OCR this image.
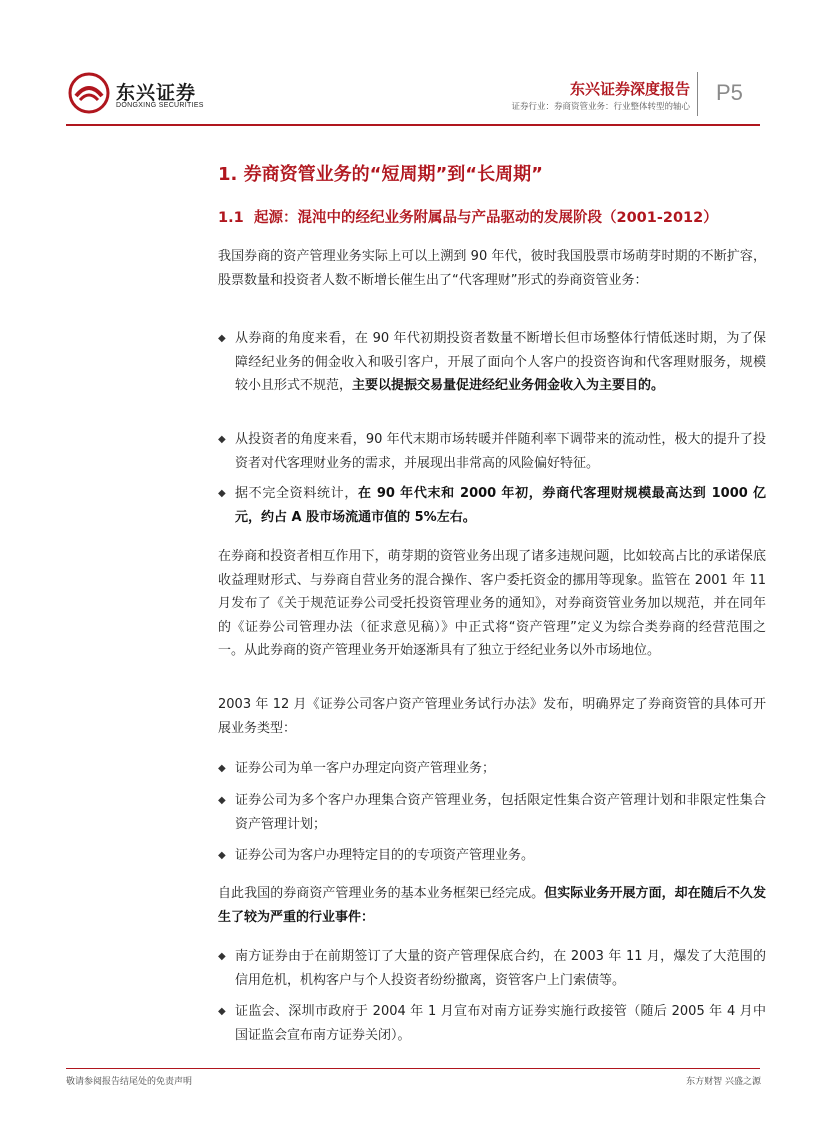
东兴证券
DONGXING SECURITIES
东兴证券深度报告
证券行业：券商资管业务：行业整体转型的轴心
P5
1. 券商资管业务的“短周期”到“长周期”
1.1 起源：混沌中的经纪业务附属品与产品驱动的发展阶段（2001-2012）
我国券商的资产管理业务实际上可以上溯到 90 年代，彼时我国股票市场萌芽时期的不断扩容，股票数量和投资者人数不断增长催生出了“代客理财”形式的券商资管业务：
◆ 从券商的角度来看，在 90 年代初期投资者数量不断增长但市场整体行情低迷时期，为了保障经纪业务的佣金收入和吸引客户，开展了面向个人客户的投资咨询和代客理财服务，规模较小且形式不规范，主要以提振交易量促进经纪业务佣金收入为主要目的。
◆ 从投资者的角度来看，90 年代末期市场转暖并伴随利率下调带来的流动性，极大的提升了投资者对代客理财业务的需求，并展现出非常高的风险偏好特征。
◆ 据不完全资料统计，在 90 年代末和 2000 年初，券商代客理财规模最高达到 1000 亿元，约占 A 股市场流通市值的 5%左右。
在券商和投资者相互作用下，萌芽期的资管业务出现了诸多违规问题，比如较高占比的承诺保底收益理财形式、与券商自营业务的混合操作、客户委托资金的挪用等现象。监管在 2001 年 11 月发布了《关于规范证券公司受托投资管理业务的通知》，对券商资管业务加以规范，并在同年的《证券公司管理办法（征求意见稿）》中正式将“资产管理”定义为综合类券商的经营范围之一。从此券商的资产管理业务开始逐渐具有了独立于经纪业务以外市场地位。
2003 年 12 月《证券公司客户资产管理业务试行办法》发布，明确界定了券商资管的具体可开展业务类型：
◆ 证券公司为单一客户办理定向资产管理业务；
◆ 证券公司为多个客户办理集合资产管理业务，包括限定性集合资产管理计划和非限定性集合资产管理计划；
◆ 证券公司为客户办理特定目的的专项资产管理业务。
自此我国的券商资产管理业务的基本业务框架已经完成。但实际业务开展方面，却在随后不久发生了较为严重的行业事件：
◆ 南方证券由于在前期签订了大量的资产管理保底合约，在 2003 年 11 月，爆发了大范围的信用危机，机构客户与个人投资者纷纷撤离，资管客户上门索债等。
◆ 证监会、深圳市政府于 2004 年 1 月宣布对南方证券实施行政接管（随后 2005 年 4 月中国证监会宣布南方证券关闭）。
敬请参阅报告结尾处的免责声明	东方财智 兴盛之源
